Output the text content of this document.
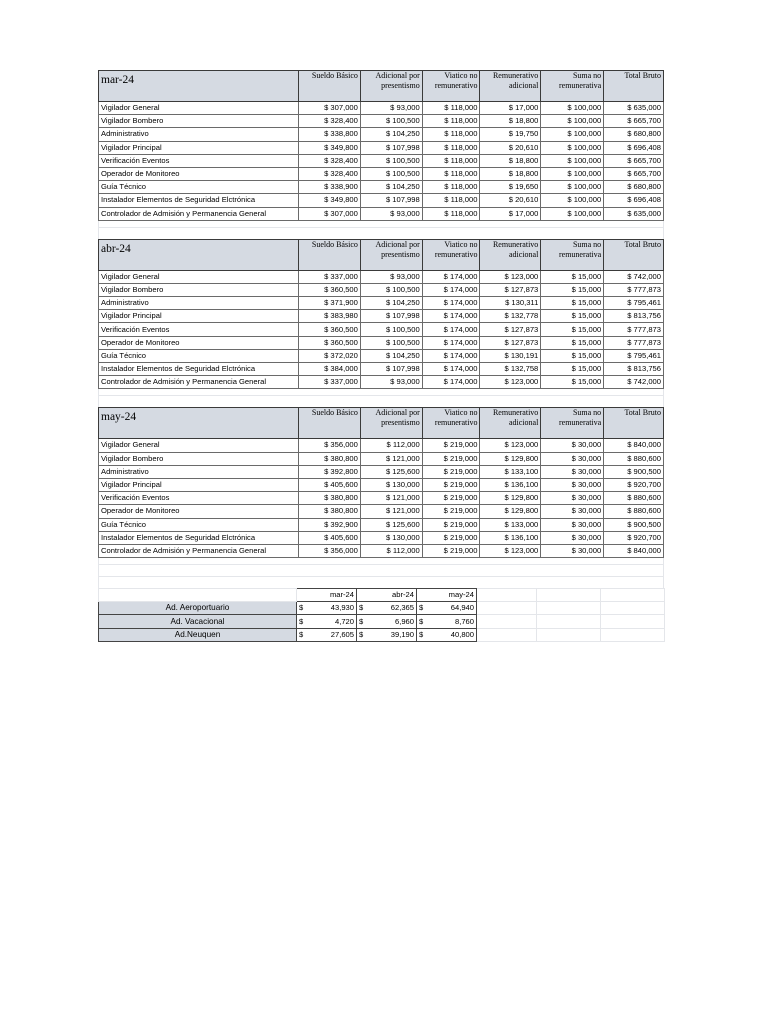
mar-24	Sueldo Básico	Adicional por presentismo	Viatico no remunerativo	Remunerativo adicional	Suma no remunerativa	Total Bruto
Vigilador General	$ 307,000	$ 93,000	$ 118,000	$ 17,000	$ 100,000	$ 635,000
Vigilador Bombero	$ 328,400	$ 100,500	$ 118,000	$ 18,800	$ 100,000	$ 665,700
Administrativo	$ 338,800	$ 104,250	$ 118,000	$ 19,750	$ 100,000	$ 680,800
Vigilador Principal	$ 349,800	$ 107,998	$ 118,000	$ 20,610	$ 100,000	$ 696,408
Verificación Eventos	$ 328,400	$ 100,500	$ 118,000	$ 18,800	$ 100,000	$ 665,700
Operador de Monitoreo	$ 328,400	$ 100,500	$ 118,000	$ 18,800	$ 100,000	$ 665,700
Guía Técnico	$ 338,900	$ 104,250	$ 118,000	$ 19,650	$ 100,000	$ 680,800
Instalador Elementos de Seguridad Elctrónica	$ 349,800	$ 107,998	$ 118,000	$ 20,610	$ 100,000	$ 696,408
Controlador de Admisión y Permanencia General	$ 307,000	$ 93,000	$ 118,000	$ 17,000	$ 100,000	$ 635,000
abr-24	Sueldo Básico	Adicional por presentismo	Viatico no remunerativo	Remunerativo adicional	Suma no remunerativa	Total Bruto
Vigilador General	$ 337,000	$ 93,000	$ 174,000	$ 123,000	$ 15,000	$ 742,000
Vigilador Bombero	$ 360,500	$ 100,500	$ 174,000	$ 127,873	$ 15,000	$ 777,873
Administrativo	$ 371,900	$ 104,250	$ 174,000	$ 130,311	$ 15,000	$ 795,461
Vigilador Principal	$ 383,980	$ 107,998	$ 174,000	$ 132,778	$ 15,000	$ 813,756
Verificación Eventos	$ 360,500	$ 100,500	$ 174,000	$ 127,873	$ 15,000	$ 777,873
Operador de Monitoreo	$ 360,500	$ 100,500	$ 174,000	$ 127,873	$ 15,000	$ 777,873
Guía Técnico	$ 372,020	$ 104,250	$ 174,000	$ 130,191	$ 15,000	$ 795,461
Instalador Elementos de Seguridad Elctrónica	$ 384,000	$ 107,998	$ 174,000	$ 132,758	$ 15,000	$ 813,756
Controlador de Admisión y Permanencia General	$ 337,000	$ 93,000	$ 174,000	$ 123,000	$ 15,000	$ 742,000
may-24	Sueldo Básico	Adicional por presentismo	Viatico no remunerativo	Remunerativo adicional	Suma no remunerativa	Total Bruto
Vigilador General	$ 356,000	$ 112,000	$ 219,000	$ 123,000	$ 30,000	$ 840,000
Vigilador Bombero	$ 380,800	$ 121,000	$ 219,000	$ 129,800	$ 30,000	$ 880,600
Administrativo	$ 392,800	$ 125,600	$ 219,000	$ 133,100	$ 30,000	$ 900,500
Vigilador Principal	$ 405,600	$ 130,000	$ 219,000	$ 136,100	$ 30,000	$ 920,700
Verificación Eventos	$ 380,800	$ 121,000	$ 219,000	$ 129,800	$ 30,000	$ 880,600
Operador de Monitoreo	$ 380,800	$ 121,000	$ 219,000	$ 129,800	$ 30,000	$ 880,600
Guía Técnico	$ 392,900	$ 125,600	$ 219,000	$ 133,000	$ 30,000	$ 900,500
Instalador Elementos de Seguridad Elctrónica	$ 405,600	$ 130,000	$ 219,000	$ 136,100	$ 30,000	$ 920,700
Controlador de Admisión y Permanencia General	$ 356,000	$ 112,000	$ 219,000	$ 123,000	$ 30,000	$ 840,000
	mar-24	abr-24	may-24			
Ad. Aeroportuario	$ 43,930	$ 62,365	$ 64,940			

Ad. Vacacional	$ 4,720	$ 6,960	$ 8,760			

Ad.Neuquen	$ 27,605	$ 39,190	$ 40,800			
